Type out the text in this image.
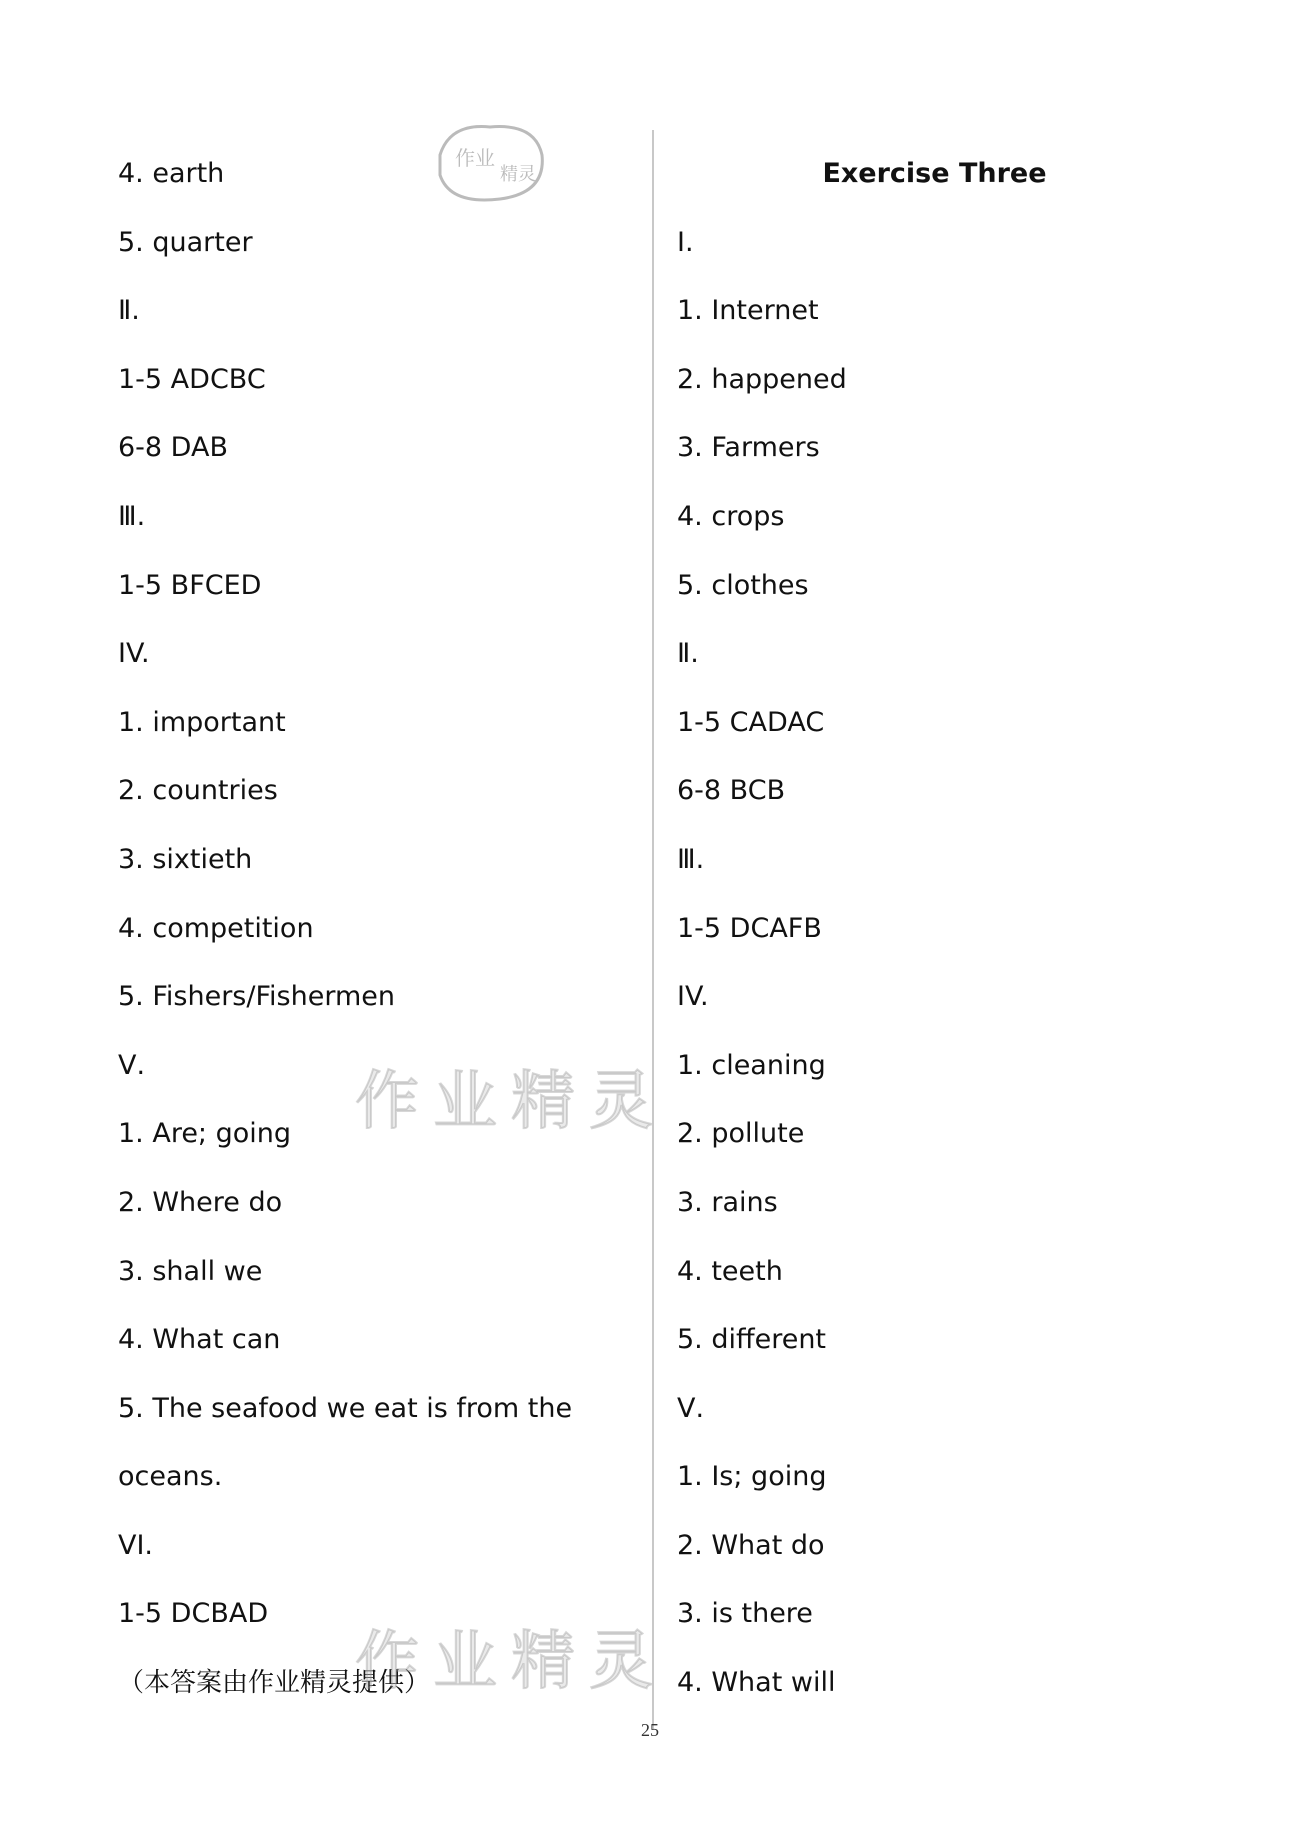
作业
精灵
4. earth
5. quarter
Ⅱ.
1-5 ADCBC
6-8 DAB
Ⅲ.
1-5 BFCED
IV.
1. important
2. countries
3. sixtieth
4. competition
5. Fishers/Fishermen
Ⅴ.
1. Are; going
2. Where do
3. shall we
4. What can
5. The seafood we eat is from the
oceans.
VI.
1-5 DCBAD
（本答案由作业精灵提供）
Exercise Three
Ⅰ.
1. Internet
2. happened
3. Farmers
4. crops
5. clothes
Ⅱ.
1-5 CADAC
6-8 BCB
Ⅲ.
1-5 DCAFB
IV.
1. cleaning
2. pollute
3. rains
4. teeth
5. different
Ⅴ.
1. Is; going
2. What do
3. is there
4. What will
作业精灵
作业精灵
25
